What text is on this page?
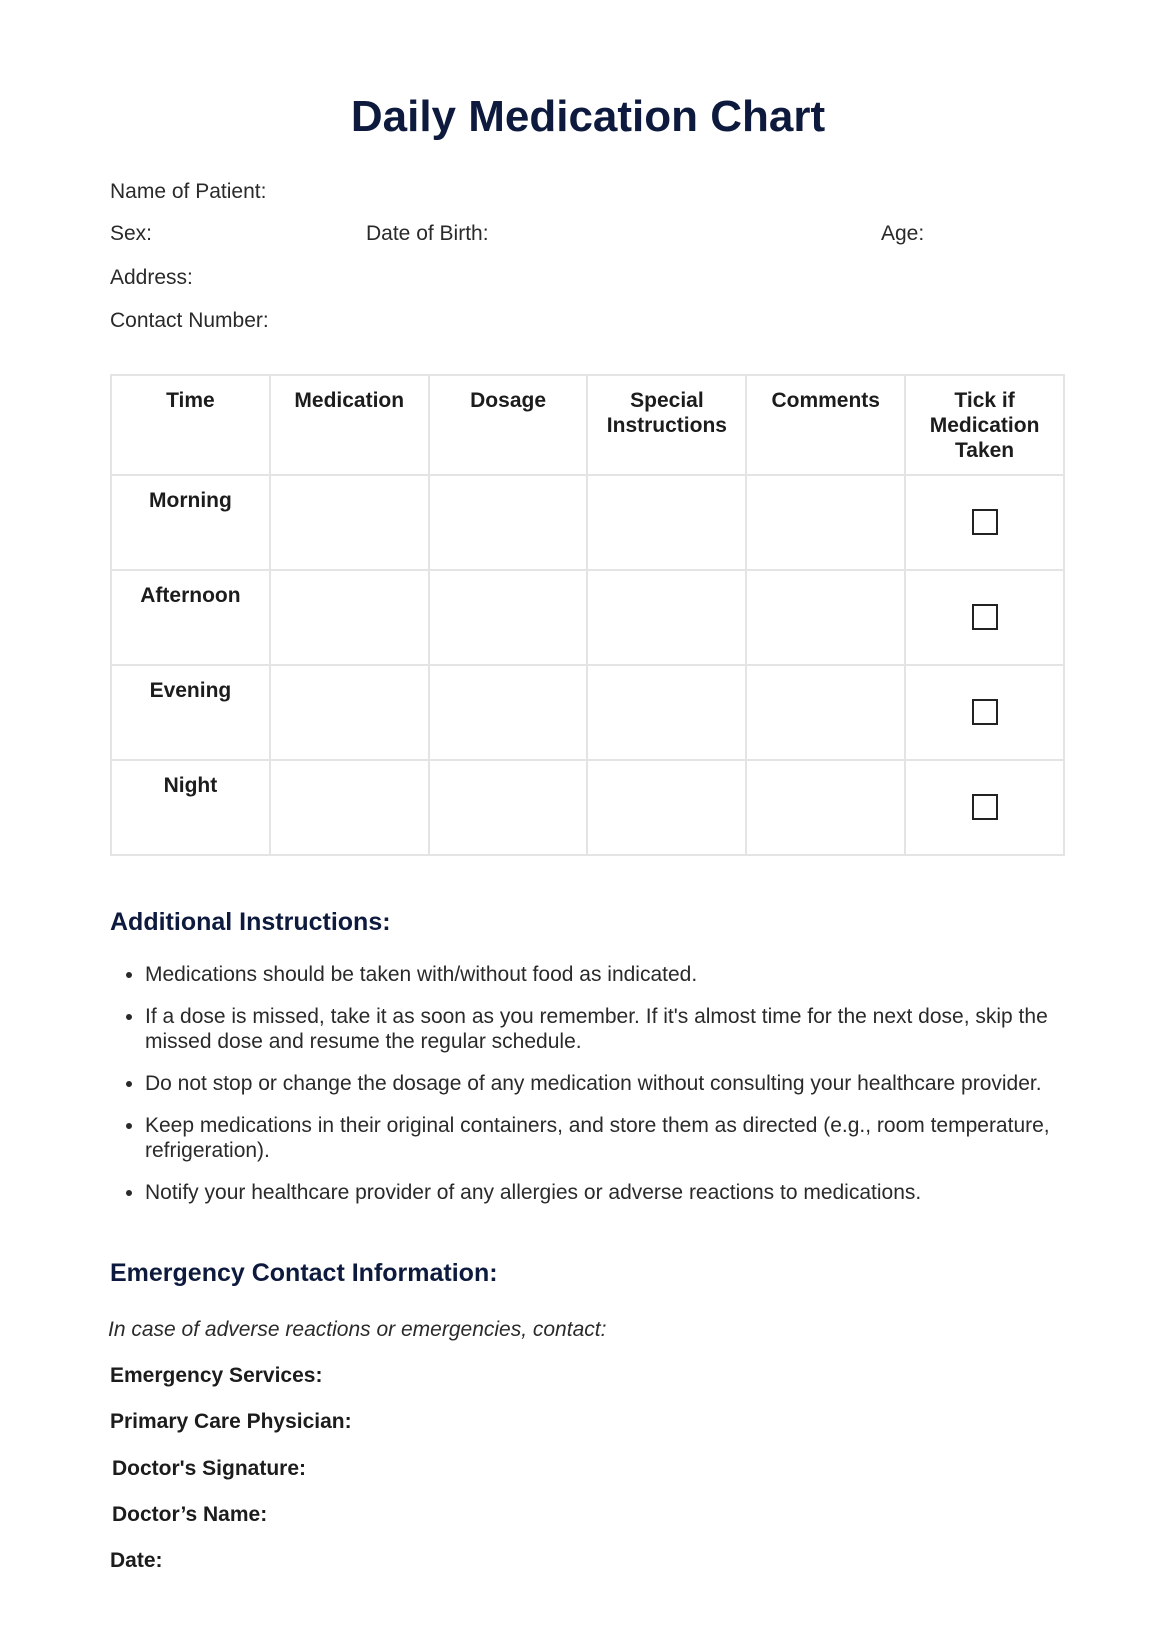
Daily Medication Chart
Name of Patient:
Sex:	Date of Birth:	Age:
Address:
Contact Number:
Time	Medication	Dosage	Special Instructions	Comments	Tick if Medication Taken
Morning					
Afternoon					
Evening					
Night					
Additional Instructions:
• Medications should be taken with/without food as indicated.
• If a dose is missed, take it as soon as you remember. If it's almost time for the next dose, skip the missed dose and resume the regular schedule.
• Do not stop or change the dosage of any medication without consulting your healthcare provider.
• Keep medications in their original containers, and store them as directed (e.g., room temperature, refrigeration).
• Notify your healthcare provider of any allergies or adverse reactions to medications.
Emergency Contact Information:
In case of adverse reactions or emergencies, contact:
Emergency Services:
Primary Care Physician:
Doctor's Signature:
Doctor’s Name:
Date:
